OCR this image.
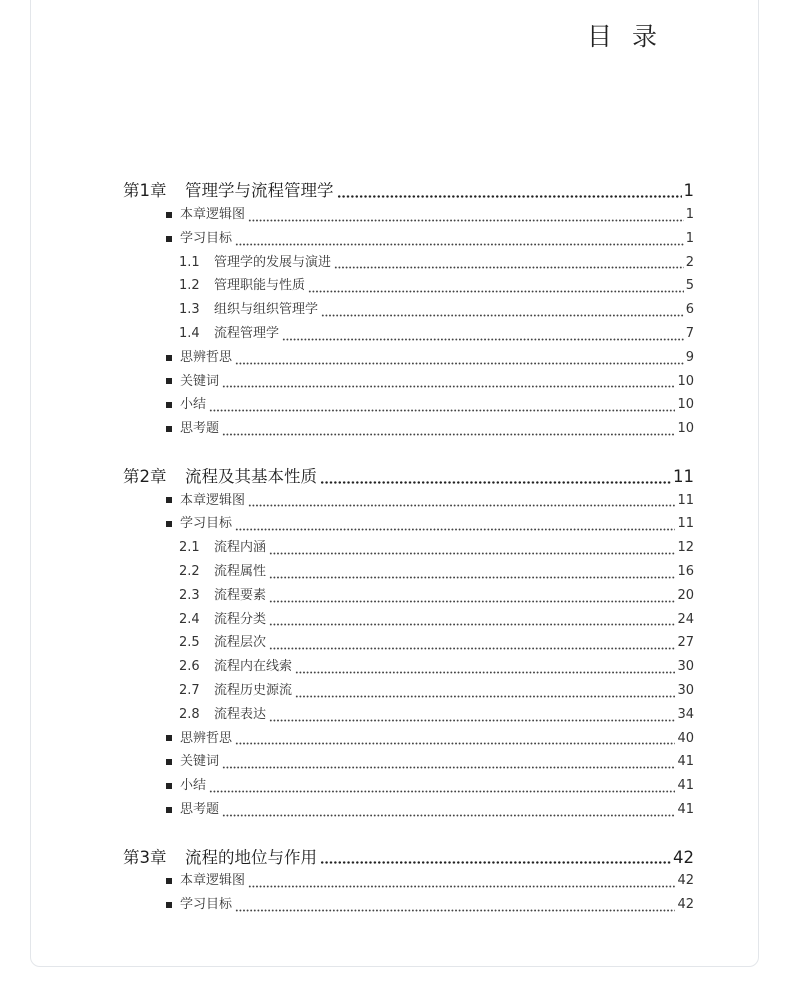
目 录
第1章	管理学与流程管理学	1
本章逻辑图	1
学习目标	1
1.1	管理学的发展与演进	2
1.2	管理职能与性质	5
1.3	组织与组织管理学	6
1.4	流程管理学	7
思辨哲思	9
关键词	10
小结	10
思考题	10
第2章	流程及其基本性质	11
本章逻辑图	11
学习目标	11
2.1	流程内涵	12
2.2	流程属性	16
2.3	流程要素	20
2.4	流程分类	24
2.5	流程层次	27
2.6	流程内在线索	30
2.7	流程历史源流	30
2.8	流程表达	34
思辨哲思	40
关键词	41
小结	41
思考题	41
第3章	流程的地位与作用	42
本章逻辑图	42
学习目标	42
